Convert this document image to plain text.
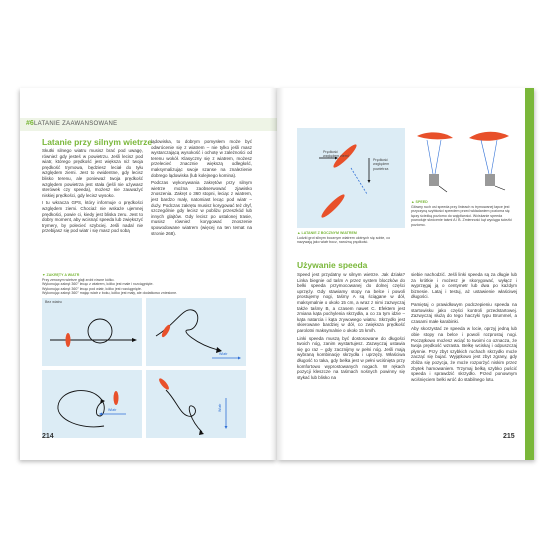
#6 LATANIE ZAAWANSOWANE
Latanie przy silnym wietrze

Skutki silnego wiatru musisz brać pod uwagę, również gdy jesteś w powietrzu. Jeśli lecisz pod wiatr, którego prędkość jest większa niż twoja prędkość trymowa, będziesz leciał do tyłu względem ziemi. Jest to ewidentne, gdy lecisz blisko terenu, ale ponieważ twoja prędkość względem powietrza jest stała (jeśli nie używasz sterówek czy speeda), możesz nie zauważyć niskiej prędkości, gdy lecisz wysoko.

I tu wkracza GPS, który informuje o prędkości względem ziemi. Chociaż nie wskaże ujemnej prędkości, powie ci, kiedy jest bliska zeru. Jest to dobry moment, aby wcisnąć speeda lub zwiększyć trymery, by polecieć szybciej. Jeśli nadal nie przebijasz się pod wiatr i się masz pod sobą

lądowiska, to dobrym pomysłem może być odwrócenie się z wiatrem – nie tylko jeśli masz wystarczającą wysokość i ochotę w zależności od terenu wokół. Klasyczny się z wiatrem, możesz przelecieć znacznie większą odległość, maksymalizując swoje szanse na znalezienie dobrego lądowiska (lub kolejnego komina).

Podczas wykonywania zakrętów przy silnym wietrze można zaobserwować zjawisko znoszenia. Zakręt o 360 stopni, leciąc z wiatrem, jest bardzo mały, natomiast lecąc pod wiatr – duży. Podczas zakrętu musisz korygować też dryf, szczególnie gdy lecisz w pobliżu przeszkód lub innych glajtów. Gdy lecisz po ustalonej trasie, musisz również korygować znoszenie spowodowane wiatrem (więcej na ten temat na stronie 268).

▼ ZAKRĘTY A WIATR
Przy zerowym wietrze glajt zrobi równe kółko.
Wykonując zakręt 360° lecąc z wiatrem, kółko jest małe i rozciągnięte.
Wykonując zakręt 360° lecąc pod wiatr, kółko jest rozciągnięte.
Wykonując zakręt 360° mając wiatr z boku, kółko jest mały, ale dodatkowo zniesione.
Bez wiatru
Wiatr
Wiatr	Wiatr
214
Prędkość względem ziemi
Prędkość względem powietrza
▲ LATANIE Z BOCZNYM WIATREM
Ludzki grot silnym bocznym wiatrem ulotnych się sobie, co nazywają jako wiatr bocz, narożną prędkość.
▲ SPEED
Główny ruch osi speeda przy linieach w trymowanej łapce jest przyczyną szybkości speedem przed wkładaniem pozioma się łączy ścieżką poziomo do wątpliwości. Wciskanie speeda powoduje skrócenie taśmi A i B. Zmienność kąt wyciąga ścieżki poziomo.
Używanie speeda

Speed jest przydatny w silnym wietrze. Jak działa? Linka biegnie od taśm A przez system bloczków do belki speeda przymocowanej do dolnej części uprzęży. Gdy stawiamy stopy na belce i powoli prostujemy nogi, taśmy A są ściągane w dół, maksymalnie o około 15 cm, a wraz z nimi zazwyczaj także taśmy B, a czasem nawet C. Efektem jest zmiana kąta pochylenia skrzydła, a co za tym idzie – kąta natarcia i kąta zrywowego wiatru. Skrzydło jest skierowane bardziej w dół, co zwiększa prędkość parolotni maksymalnie o około 15 km/h.

Linki speeda muszą być dostosowane do długości twoich nóg, zanim wystartujesz. Zazwyczaj ustawia się go raz – gdy zacznijmy w pełni nóg. Jeśli mają wybraną kombinację skrzydła i uprzęży. Właściwa długość to taka, gdy belka jest w pełni wciśnięta przy komfortowo wyprostowanych nogach. W rękach pozycji kleszcze na taśmach nośnych powinny się stykać lub blisko na

siebie nachodzić. Jeśli linki speeda są za długie lub za krótkie i możesz je skorygować, wyłącz i wyprzęgaj ją o centymetr lub dwa po każdym biznesie. Lataj i testuj, aż ustawienie właściwej długości.

Pamiętaj o prawidłowym podczepieniu speeda na startowisku jako części kontroli przedstartowej. Zazwyczaj służą do tego haczyki typu Brummel, a czasami małe karabinki.

Aby skorzystać ze speeda w locie, oprzyj jedną lub obie stopy na belce i powoli rozprostuj nogi. Początkowo możesz wciąć to twoimi co oznacza, że twoja prędkość wzrasta. Belkę wciskaj i odpuszczaj płynnie. Przy zbyt szybkich ruchach skrzydło może zacząć się bujać. Wyjątkowo jest zbyt zgrany, gdy zbliża się pozycja, że może rozporżyć niskim przez zbytek hamowaniem. Trzymaj belką szybko puścić speeda i sprawdzić skrzydło. Przed ponownym wciśnięciem belki wróć do stabilnego lotu.

215
